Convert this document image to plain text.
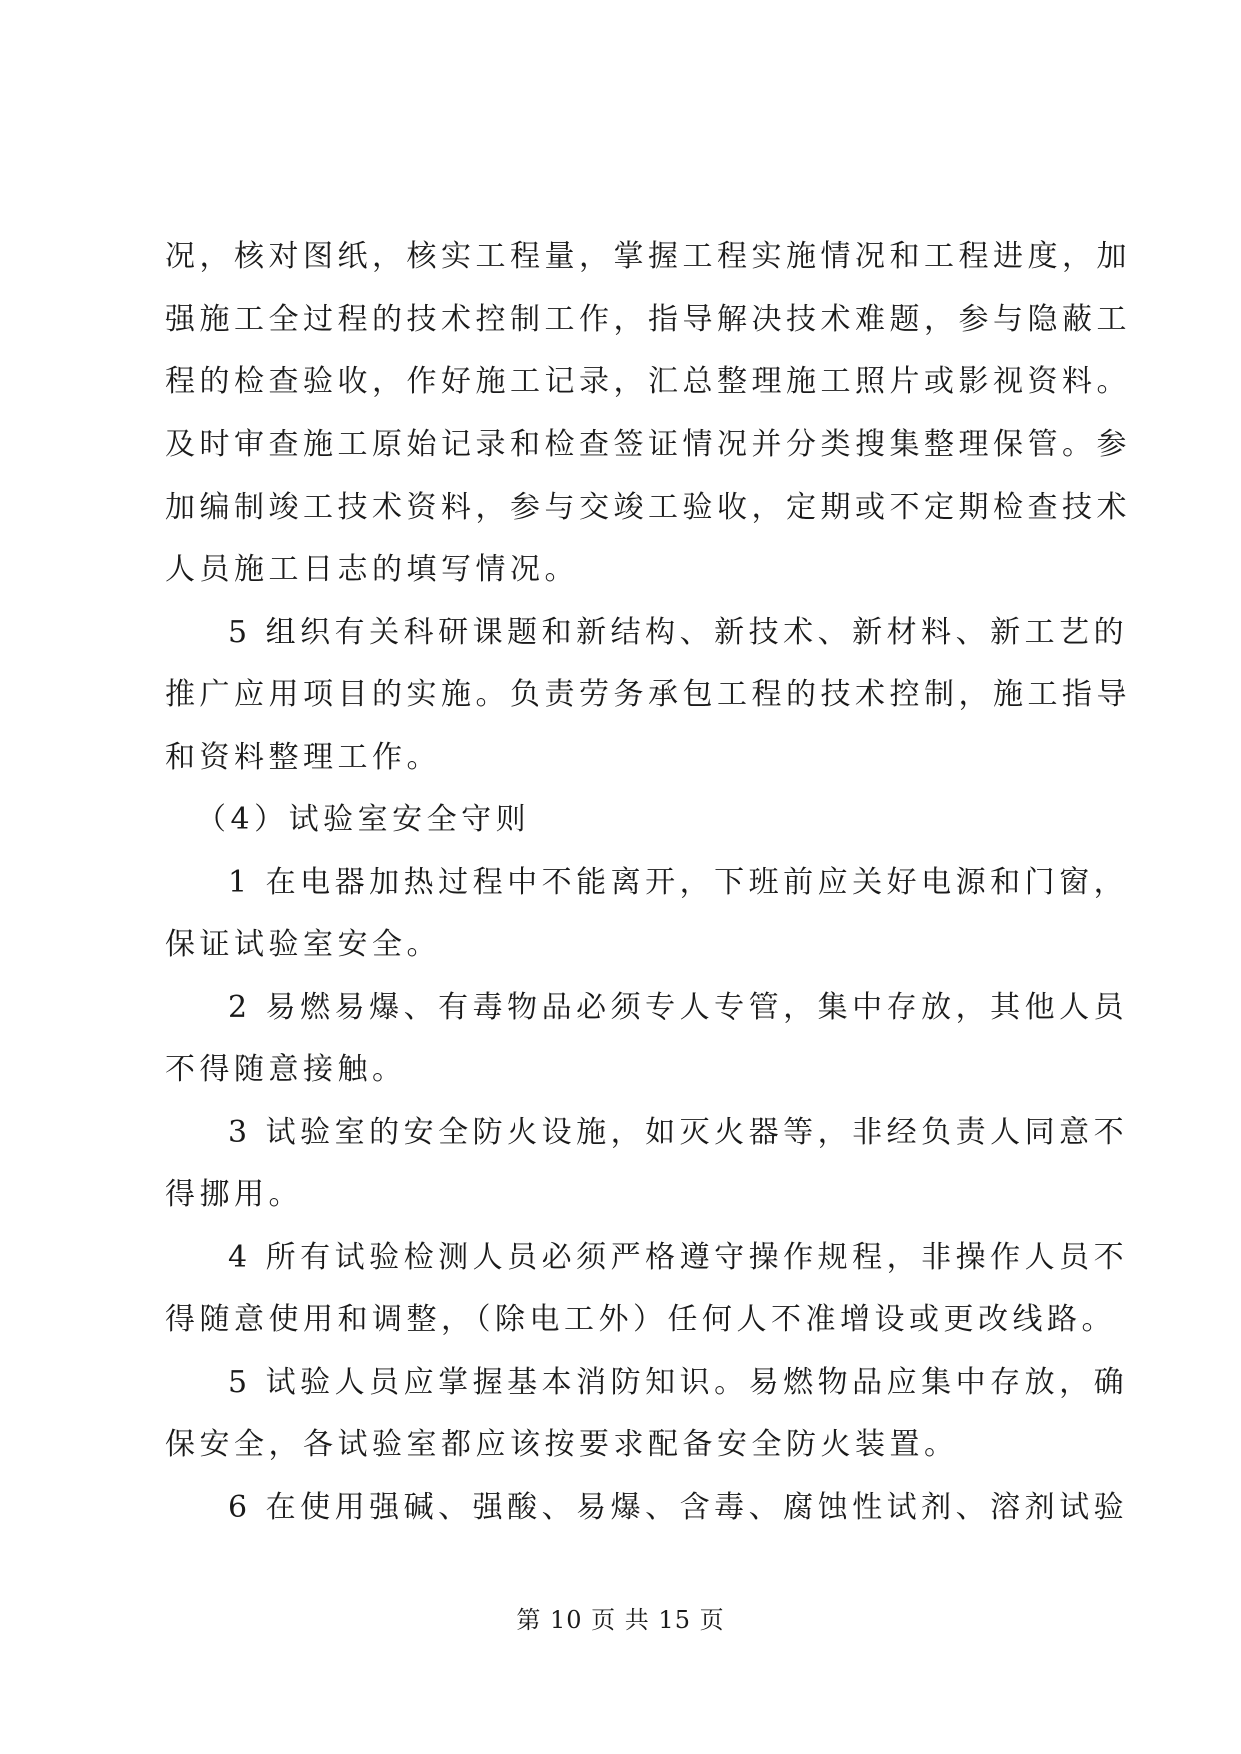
况，核对图纸，核实工程量，掌握工程实施情况和工程进度，加
强施工全过程的技术控制工作，指导解决技术难题，参与隐蔽工
程的检查验收，作好施工记录，汇总整理施工照片或影视资料。
及时审查施工原始记录和检查签证情况并分类搜集整理保管。参
加编制竣工技术资料，参与交竣工验收，定期或不定期检查技术
人员施工日志的填写情况。
5 组织有关科研课题和新结构、新技术、新材料、新工艺的
推广应用项目的实施。负责劳务承包工程的技术控制，施工指导
和资料整理工作。
（4）试验室安全守则
1 在电器加热过程中不能离开，下班前应关好电源和门窗，
保证试验室安全。
2 易燃易爆、有毒物品必须专人专管，集中存放，其他人员
不得随意接触。
3 试验室的安全防火设施，如灭火器等，非经负责人同意不
得挪用。
4 所有试验检测人员必须严格遵守操作规程，非操作人员不
得随意使用和调整，（除电工外）任何人不准增设或更改线路。
5 试验人员应掌握基本消防知识。易燃物品应集中存放，确
保安全，各试验室都应该按要求配备安全防火装置。
6 在使用强碱、强酸、易爆、含毒、腐蚀性试剂、溶剂试验
第 10 页 共 15 页
